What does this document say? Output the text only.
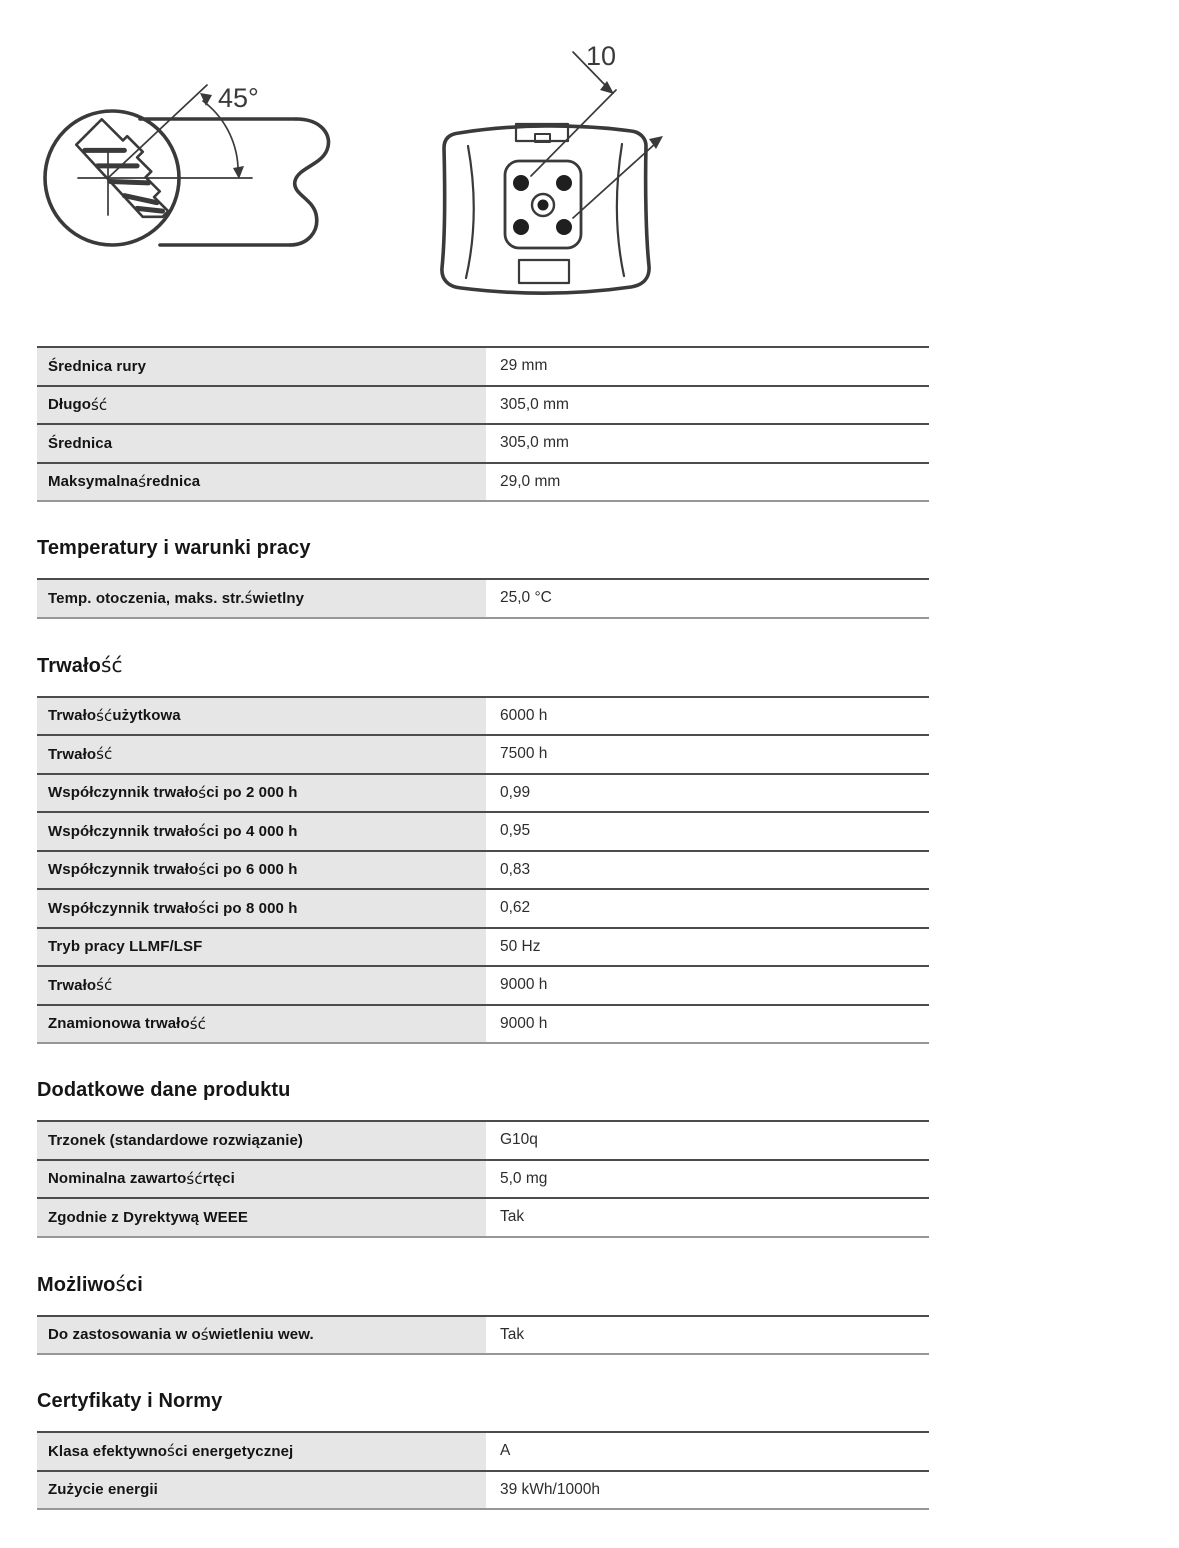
45°
10
Średnica rury	29 mm
Długo ś ć	305,0 mm
Średnica	305,0 mm
Maksymalna ś rednica	29,0 mm
Temperatury i warunki pracy
Temp. otoczenia, maks. str. ś wietlny	25,0 °C
Trwałość
Trwało ś ć użytkowa	6000 h
Trwało ś ć	7500 h
Współczynnik trwało ś ci po 2 000 h	0,99
Współczynnik trwało ś ci po 4 000 h	0,95
Współczynnik trwało ś ci po 6 000 h	0,83
Współczynnik trwało ś ci po 8 000 h	0,62
Tryb pracy LLMF/LSF	50 Hz
Trwało ś ć	9000 h
Znamionowa trwało ś ć	9000 h
Dodatkowe dane produktu
Trzonek (standardowe rozwiązanie)	G10q
Nominalna zawarto ś ć rtęci	5,0 mg
Zgodnie z Dyrektywą WEEE	Tak
Możliwości
Do zastosowania w o ś wietleniu wew.	Tak
Certyfikaty i Normy
Klasa efektywno ś ci energetycznej	A
Zużycie energii	39 kWh/1000h
